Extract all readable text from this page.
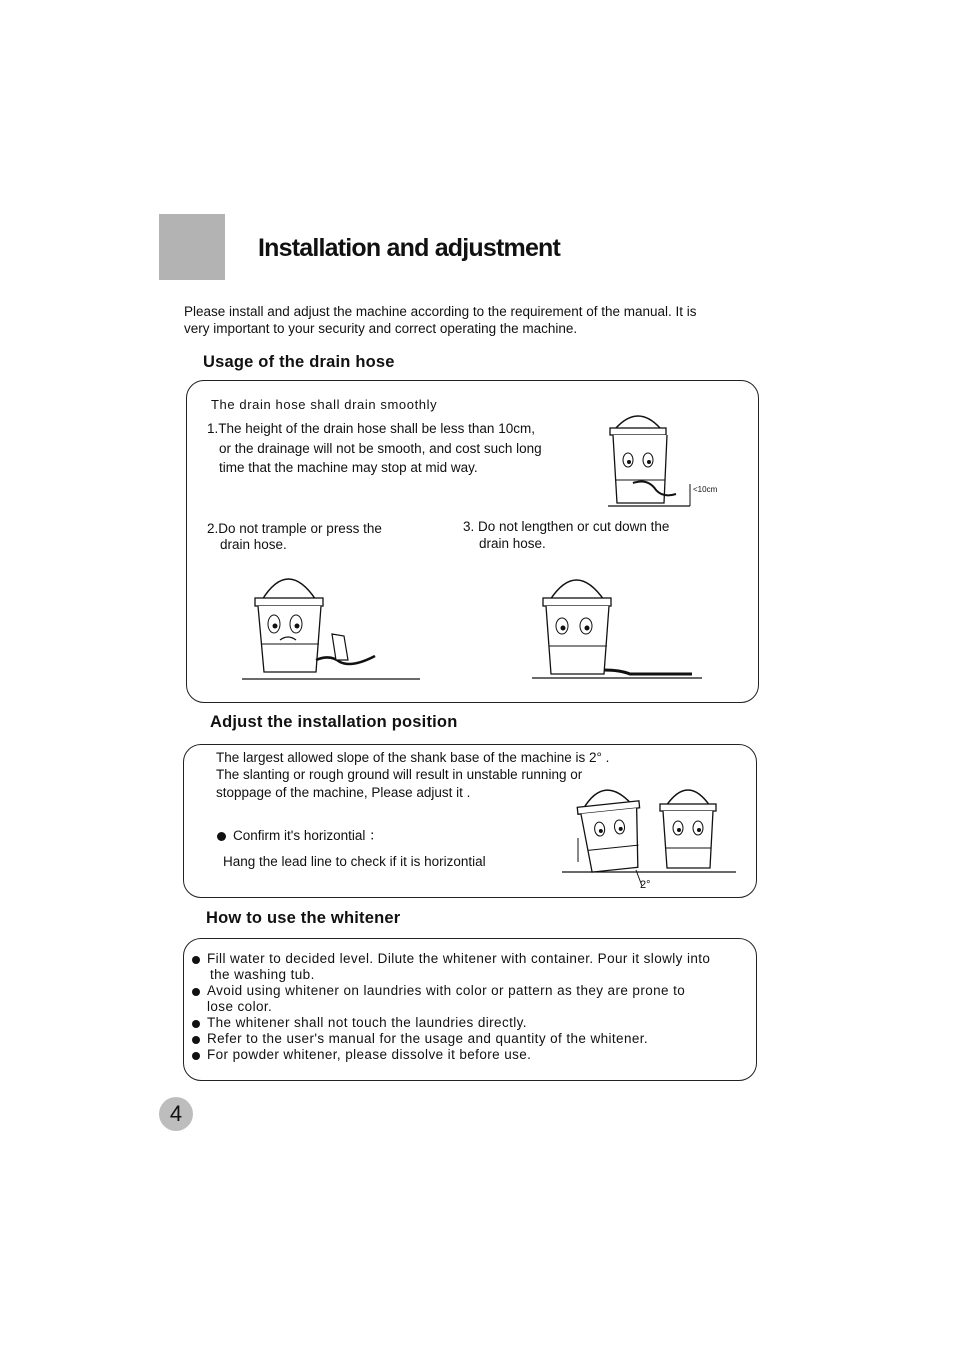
Installation and adjustment
Please install and adjust the machine according to the requirement of the manual. It is
very important to your security and correct operating the machine.
Usage of the drain hose
The drain hose shall drain smoothly
1.The height of the drain hose shall be less than 10cm,
or the drainage will not be smooth, and cost such long
time that the machine may stop at mid way.
2.Do not trample or press the
drain hose.
3. Do not lengthen or cut down the
drain hose.
<10cm
Adjust the installation position
The largest allowed slope of the shank base of the machine is 2° .
The slanting or rough ground will result in unstable running or
stoppage of the machine, Please adjust it .
Confirm it's horizontial ：
Hang the lead line to check if it is horizontial
2°
How to use the whitener
Fill water to decided level. Dilute the whitener with container. Pour it slowly into
the washing tub.
Avoid using whitener on laundries with color or pattern as they are prone to
lose color.
The whitener shall not touch the laundries directly.
Refer to the user's manual for the usage and quantity of the whitener.
For powder whitener, please dissolve it before use.
4
